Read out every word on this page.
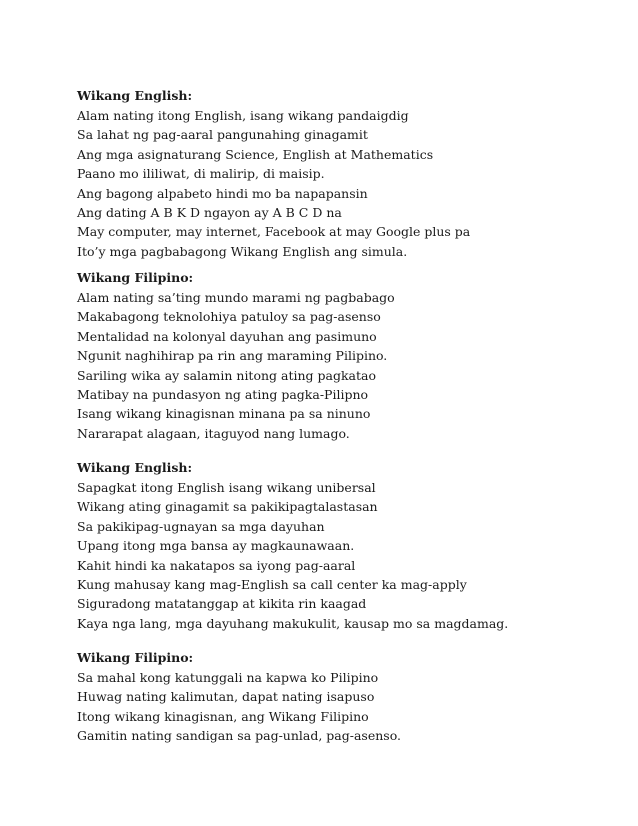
Wikang English:
Alam nating itong English, isang wikang pandaigdig
Sa lahat ng pag-aaral pangunahing ginagamit
Ang mga asignaturang Science, English at Mathematics
Paano mo ililiwat, di malirip, di maisip.
Ang bagong alpabeto hindi mo ba napapansin
Ang dating A B K D ngayon ay A B C D na
May computer, may internet, Facebook at may Google plus pa
Ito’y mga pagbabagong Wikang English ang simula.
Wikang Filipino:
Alam nating sa’ting mundo marami ng pagbabago
Makabagong teknolohiya patuloy sa pag-asenso
Mentalidad na kolonyal dayuhan ang pasimuno
Ngunit naghihirap pa rin ang maraming Pilipino.
Sariling wika ay salamin nitong ating pagkatao
Matibay na pundasyon ng ating pagka-Pilipno
Isang wikang kinagisnan minana pa sa ninuno
Nararapat alagaan, itaguyod nang lumago.
Wikang English:
Sapagkat itong English isang wikang unibersal
Wikang ating ginagamit sa pakikipagtalastasan
Sa pakikipag-ugnayan sa mga dayuhan
Upang itong mga bansa ay magkaunawaan.
Kahit hindi ka nakatapos sa iyong pag-aaral
Kung mahusay kang mag-English sa call center ka mag-apply
Siguradong matatanggap at kikita rin kaagad
Kaya nga lang, mga dayuhang makukulit, kausap mo sa magdamag.
Wikang Filipino:
Sa mahal kong katunggali na kapwa ko Pilipino
Huwag nating kalimutan, dapat nating isapuso
Itong wikang kinagisnan, ang Wikang Filipino
Gamitin nating sandigan sa pag-unlad, pag-asenso.
